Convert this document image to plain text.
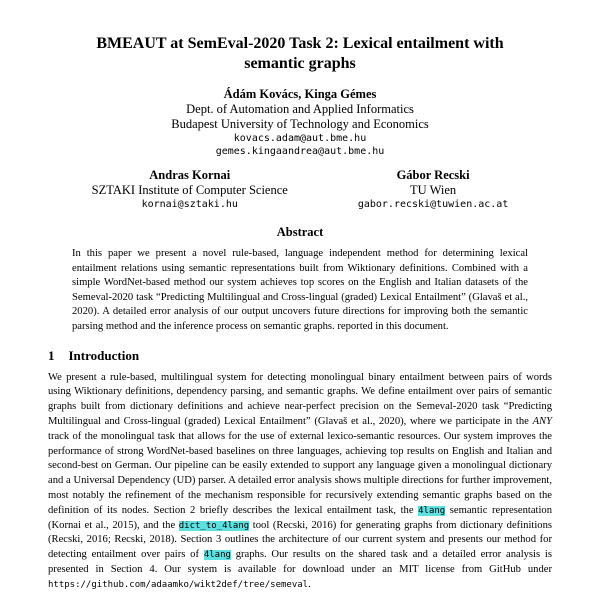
BMEAUT at SemEval-2020 Task 2: Lexical entailment with semantic graphs
Ádám Kovács, Kinga Gémes
Dept. of Automation and Applied Informatics
Budapest University of Technology and Economics
kovacs.adam@aut.bme.hu
gemes.kingaandrea@aut.bme.hu
Andras Kornai
SZTAKI Institute of Computer Science
kornai@sztaki.hu
Gábor Recski
TU Wien
gabor.recski@tuwien.ac.at
Abstract

In this paper we present a novel rule-based, language independent method for determining lexical entailment relations using semantic representations built from Wiktionary definitions. Combined with a simple WordNet-based method our system achieves top scores on the English and Italian datasets of the Semeval-2020 task “Predicting Multilingual and Cross-lingual (graded) Lexical Entailment” (Glavaš et al., 2020). A detailed error analysis of our output uncovers future directions for improving both the semantic parsing method and the inference process on semantic graphs. reported in this document.

1 Introduction

We present a rule-based, multilingual system for detecting monolingual binary entailment between pairs of words using Wiktionary definitions, dependency parsing, and semantic graphs. We define entailment over pairs of semantic graphs built from dictionary definitions and achieve near-perfect precision on the Semeval-2020 task “Predicting Multilingual and Cross-lingual (graded) Lexical Entailment” (Glavaš et al., 2020), where we participate in the ANY track of the monolingual task that allows for the use of external lexico-semantic resources. Our system improves the performance of strong WordNet-based baselines on three languages, achieving top results on English and Italian and second-best on German. Our pipeline can be easily extended to support any language given a monolingual dictionary and a Universal Dependency (UD) parser. A detailed error analysis shows multiple directions for further improvement, most notably the refinement of the mechanism responsible for recursively extending semantic graphs based on the definition of its nodes. Section 2 briefly describes the lexical entailment task, the 4lang semantic representation (Kornai et al., 2015), and the dict_to_4lang tool (Recski, 2016) for generating graphs from dictionary definitions (Recski, 2016; Recski, 2018). Section 3 outlines the architecture of our current system and presents our method for detecting entailment over pairs of 4lang graphs. Our results on the shared task and a detailed error analysis is presented in Section 4. Our system is available for download under an MIT license from GitHub under https://github.com/adaamko/wikt2def/tree/semeval.
